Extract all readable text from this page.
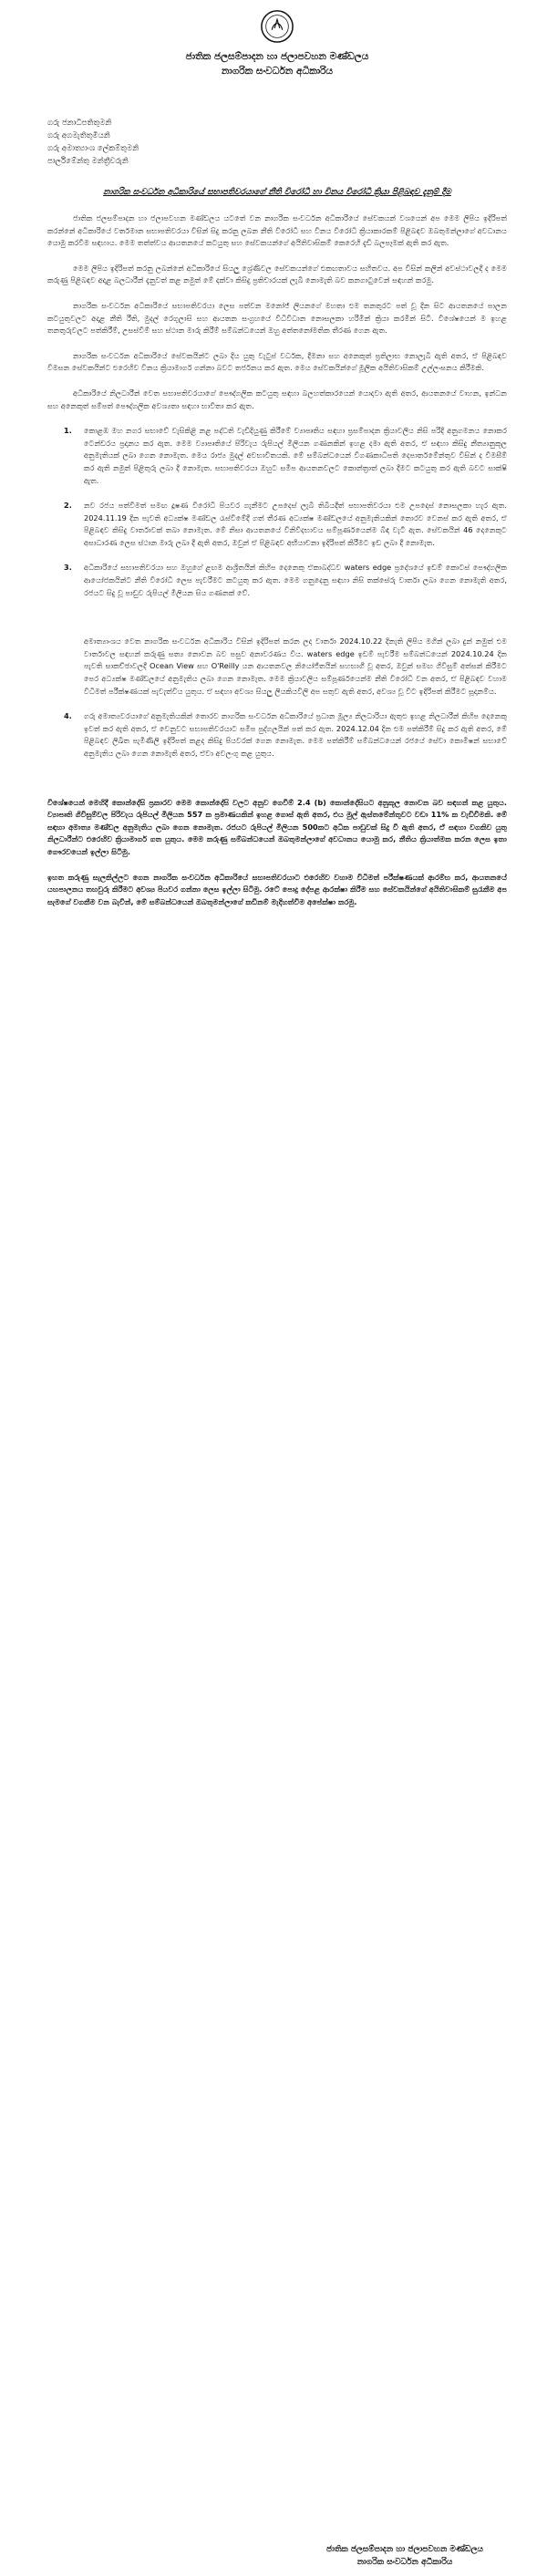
ජාතික ජලසම්පාදන හා ජලාපවහන මණ්ඩලය
නාගරික සංවර්ධන අධිකාරිය
ගරු ජනාධිපතිතුමනි
ගරු අගමැතිතුමියනි
ගරු අමාත්‍යාංශ ලේකම්තුමනි
පාර්ලිමේන්තු මන්ත්‍රීවරුනි
නාගරික සංවර්ධන අධිකාරියේ සභාපතිවරයාගේ නීති විරෝධී හා විනය විරෝධී ක්‍රියා පිළිබඳව දැනුම් දීම
ජාතික ජලසම්පාදන හා ජලාපවහන මණ්ඩලය යටතේ වන නාගරික සංවර්ධන අධිකාරියේ සේවකයන් වශයෙන් අප මෙම ලිපිය ඉදිරිපත් කරන්නේ අධිකාරියේ වර්තමාන සභාපතිවරයා විසින් සිදු කරනු ලබන නීති විරෝධී සහ විනය විරෝධී ක්‍රියාකාරකම් පිළිබඳව ඔබතුමන්ලාගේ අවධානය යොමු කරවීම සඳහාය. මෙම තත්ත්වය ආයතනයේ කටයුතු සහ සේවකයන්ගේ අයිතිවාසිකම් කෙරෙහි දැඩි බලපෑමක් ඇති කර ඇත.
මෙම ලිපිය ඉදිරිපත් කරනු ලබන්නේ අධිකාරියේ සියලු ශ්‍රේණිවල සේවකයන්ගේ එකඟතාවය සහිතවය. අප විසින් කලින් අවස්ථාවලදී ද මෙම කරුණු පිළිබඳව අදාළ බලධාරීන් දැනුවත් කළ නමුත් මේ දක්වා කිසිදු ප්‍රතිචාරයක් ලැබී නොමැති බව කනගාටුවෙන් සඳහන් කරමු.
නාගරික සංවර්ධන අධිකාරියේ සභාපතිවරයා ලෙස පත්වන මනෝජ් ලියනගේ මහතා එම තනතුරට පත් වූ දින සිට ආයතනයේ පාලන කටයුතුවලට අදාළ නීති රීති, මුදල් රෙගුලාසි සහ ආයතන සංග්‍රහයේ විධිවිධාන නොසලකා හරිමින් ක්‍රියා කරමින් සිටී. විශේෂයෙන් ම ඉහළ තනතුරුවලට පත්කිරීම්, උසස්වීම් සහ ස්ථාන මාරු කිරීම් සම්බන්ධයෙන් ඔහු අත්තනෝමතික තීරණ ගෙන ඇත.
නාගරික සංවර්ධන අධිකාරියේ සේවකයින්ට ලබා දිය යුතු වැටුප් වර්ධක, දීමනා සහ අනෙකුත් ප්‍රතිලාභ නොලැබී ඇති අතර, ඒ පිළිබඳව විමසන සේවකයින්ට එරෙහිව විනය ක්‍රියාමාර්ග ගන්නා බවට තර්ජනය කර ඇත. මෙය සේවකයින්ගේ මූලික අයිතිවාසිකම් උල්ලංඝනය කිරීමකි.
අධිකාරියේ නිලධාරීන් වෙත සභාපතිවරයාගේ පෞද්ගලික කටයුතු සඳහා බලහත්කාරයෙන් යොදවා ඇති අතර, ආයතනයේ වාහන, ඉන්ධන සහ අනෙකුත් සම්පත් පෞද්ගලික අවශ්‍යතා සඳහා භාවිතා කර ඇත.
1. කොළඹ මහ නගර සභාවේ වැසිකිළි නළ පද්ධති වැඩිදියුණු කිරීමේ ව්‍යාපෘතිය සඳහා ප්‍රසම්පාදන ක්‍රියාවලිය නිසි පරිදි අනුගමනය නොකර ටෙන්ඩරය ප්‍රදානය කර ඇත. මෙම ව්‍යාපෘතියේ පිරිවැය රුපියල් මිලියන ගණනකින් ඉහළ දමා ඇති අතර, ඒ සඳහා කිසිදු නීත්‍යානුකූල අනුමැතියක් ලබා ගෙන නොමැත. මෙය රාජ්‍ය මුදල් අවභාවිතයකි. මේ සම්බන්ධයෙන් විගණකාධිපති දෙපාර්තමේන්තුව විසින් ද විමසීම් කර ඇති නමුත් පිළිතුරු ලබා දී නොමැත. සභාපතිවරයා ඔහුට සමීප ආයතනවලට කොන්ත්‍රාත් ලබා දීමට කටයුතු කර ඇති බවට සාක්ෂි ඇත.
2. නව රජය පත්වීමත් සමඟ දූෂණ විරෝධී පියවර ගැනීමට උපදෙස් ලැබී තිබියදීත් සභාපතිවරයා එම උපදෙස් නොසලකා හැර ඇත. 2024.11.19 දින පැවති අධ්‍යක්ෂ මණ්ඩල රැස්වීමේදී ගත් තීරණ අධ්‍යක්ෂ මණ්ඩලයේ අනුමැතියකින් තොරව වෙනස් කර ඇති අතර, ඒ පිළිබඳව කිසිදු වාර්තාවක් තබා නොමැත. මේ නිසා ආයතනයේ විනිවිදභාවය සම්පූර්ණයෙන්ම බිඳ වැටී ඇත. සේවකයින් 46 දෙනෙකුට අසාධාරණ ලෙස ස්ථාන මාරු ලබා දී ඇති අතර, ඔවුන් ඒ පිළිබඳව අභියාචනා ඉදිරිපත් කිරීමට ඉඩ ලබා දී නොමැත.
3. අධිකාරියේ සභාපතිවරයා සහ ඔහුගේ ළඟම ආශ්‍රිතයින් කිහිප දෙනෙකු ඒකාබද්ධව waters edge ප්‍රදේශයේ ඉඩම් කොටස් පෞද්ගලික ආයෝජකයින්ට නීති විරෝධී ලෙස පැවරීමට කටයුතු කර ඇත. මෙම ගනුදෙනු සඳහා නිසි තක්සේරු වාර්තා ලබා ගෙන නොමැති අතර, රජයට සිදු වූ පාඩුව රුපියල් මිලියන සිය ගණනක් වේ.
අමාත්‍යාංශය වෙත නාගරික සංවර්ධන අධිකාරිය විසින් ඉදිරිපත් කරන ලද වාර්තා 2024.10.22 දිනැති ලිපිය මගින් ලබා දුන් නමුත් එම වාර්තාවල සඳහන් කරුණු සත්‍ය නොවන බව පසුව අනාවරණය විය. waters edge ඉඩම් පැවරීම සම්බන්ධයෙන් 2024.10.24 දින පැවති සාකච්ඡාවලදී Ocean View සහ O'Reilly යන ආයතනවල නියෝජිතයින් සහභාගී වූ අතර, ඔවුන් සමඟ ගිවිසුම් අත්සන් කිරීමට පෙර අධ්‍යක්ෂ මණ්ඩලයේ අනුමැතිය ලබා ගෙන නොමැත. මෙම ක්‍රියාවලිය සම්පූර්ණයෙන්ම නීති විරෝධී වන අතර, ඒ පිළිබඳව වහාම විධිමත් පරීක්ෂණයක් පැවැත්විය යුතුය. ඒ සඳහා අවශ්‍ය සියලු ලියකියවිලි අප සතුව ඇති අතර, අවශ්‍ය වූ විට ඉදිරිපත් කිරීමට සූදානම්ය.
4. ගරු අමාත්‍යවරයාගේ අනුමැතියකින් තොරව නාගරික සංවර්ධන අධිකාරියේ ප්‍රධාන මූල්‍ය නිලධාරියා ඇතුළු ඉහළ නිලධාරීන් කිහිප දෙනෙකු ඉවත් කර ඇති අතර, ඒ වෙනුවට සභාපතිවරයාට සමීප පුද්ගලයින් පත් කර ඇත. 2024.12.04 දින එම පත්කිරීම් සිදු කර ඇති අතර, මේ පිළිබඳව ලිඛිත පැමිණිලි ඉදිරිපත් කළද කිසිදු පියවරක් ගෙන නොමැත. මෙම පත්කිරීම් සම්බන්ධයෙන් රජයේ සේවා කොමිෂන් සභාවේ අනුමැතිය ලබා ගෙන නොමැති අතර, ඒවා අවලංගු කළ යුතුය.
විශේෂයෙන් මෙහිදී කොන්දේසි ප්‍රකාරව මෙම කොන්දේසි වලට අනුව ගෙවීම් 2.4 (b) කොන්දේසියට අනුකූල නොවන බව සඳහන් කළ යුතුය. ව්‍යාපෘති ගිවිසුම්වල පිරිවැය රුපියල් මිලියන 557 ක ප්‍රමාණයකින් ඉහළ ගොස් ඇති අතර, එය මුල් ඇස්තමේන්තුවට වඩා 11% ක වැඩිවීමකි. මේ සඳහා අමාත්‍ය මණ්ඩල අනුමැතිය ලබා ගෙන නොමැත. රජයට රුපියල් මිලියන 500කට අධික පාඩුවක් සිදු වී ඇති අතර, ඒ සඳහා වගකිව යුතු නිලධාරීන්ට එරෙහිව ක්‍රියාමාර්ග ගත යුතුය. මෙම කරුණු සම්බන්ධයෙන් ඔබතුමන්ලාගේ අවධානය යොමු කර, නීතිය ක්‍රියාත්මක කරන ලෙස ඉතා ගෞරවයෙන් ඉල්ලා සිටිමු.
ඉහත කරුණු සැලකිල්ලට ගෙන නාගරික සංවර්ධන අධිකාරියේ සභාපතිවරයාට එරෙහිව වහාම විධිමත් පරීක්ෂණයක් ආරම්භ කර, ආයතනයේ යහපාලනය තහවුරු කිරීමට අවශ්‍ය පියවර ගන්නා ලෙස ඉල්ලා සිටිමු. රටේ පොදු දේපළ ආරක්ෂා කිරීම සහ සේවකයින්ගේ අයිතිවාසිකම් සුරැකීම අප සැමගේ වගකීම වන බැවින්, මේ සම්බන්ධයෙන් ඔබතුමන්ලාගේ කඩිනම් මැදිහත්වීම අපේක්ෂා කරමු.
ජාතික ජලසම්පාදන හා ජලාපවහන මණ්ඩලය
නාගරික සංවර්ධන අධිකාරිය
